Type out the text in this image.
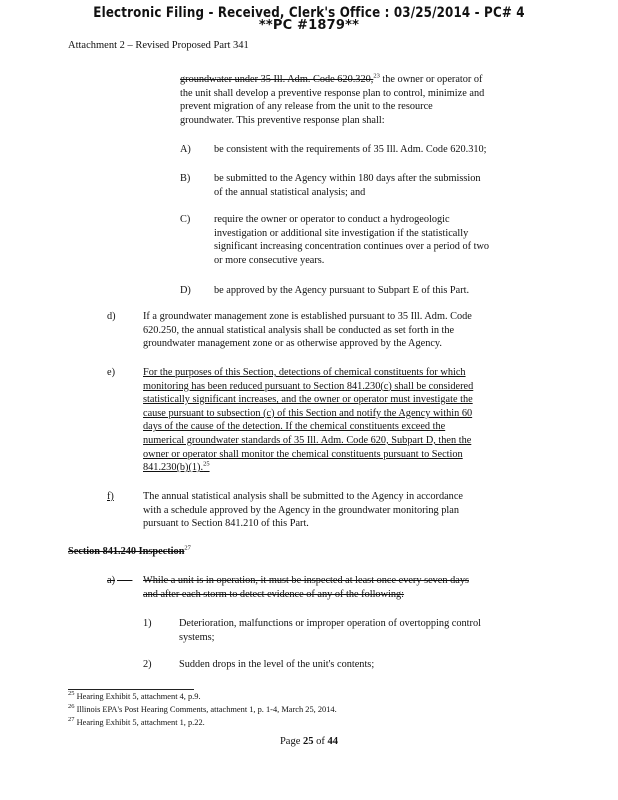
Electronic Filing - Received, Clerk's Office : 03/25/2014 - PC# 4
**PC #1879**
Attachment 2 – Revised Proposed Part 341
groundwater under 35 Ill. Adm. Code 620.320,23 the owner or operator of
the unit shall develop a preventive response plan to control, minimize and
prevent migration of any release from the unit to the resource
groundwater. This preventive response plan shall:
A) be consistent with the requirements of 35 Ill. Adm. Code 620.310;
B) be submitted to the Agency within 180 days after the submission
of the annual statistical analysis; and
C) require the owner or operator to conduct a hydrogeologic
investigation or additional site investigation if the statistically
significant increasing concentration continues over a period of two
or more consecutive years.
D) be approved by the Agency pursuant to Subpart E of this Part.
d)	If a groundwater management zone is established pursuant to 35 Ill. Adm. Code
620.250, the annual statistical analysis shall be conducted as set forth in the
groundwater management zone or as otherwise approved by the Agency.
e)	For the purposes of this Section, detections of chemical constituents for which
monitoring has been reduced pursuant to Section 841.230(c) shall be considered
statistically significant increases, and the owner or operator must investigate the
cause pursuant to subsection (c) of this Section and notify the Agency within 60
days of the cause of the detection. If the chemical constituents exceed the
numerical groundwater standards of 35 Ill. Adm. Code 620, Subpart D, then the
owner or operator shall monitor the chemical constituents pursuant to Section
841.230(b)(1).$^{25}$
f)	The annual statistical analysis shall be submitted to the Agency in accordance
with a schedule approved by the Agency in the groundwater monitoring plan
pursuant to Section 841.210 of this Part.
Section 841.240 Inspection$^{27}$
a)
	While a unit is in operation, it must be inspected at least once every seven days
and after each storm to detect evidence of any of the following:
1)	Deterioration, malfunctions or improper operation of overtopping control
systems;
2)	Sudden drops in the level of the unit's contents;
$^{25}$ Hearing Exhibit 5, attachment 4, p.9.
$^{26}$ Illinois EPA's Post Hearing Comments, attachment 1, p. 1-4, March 25, 2014.
$^{27}$ Hearing Exhibit 5, attachment 1, p.22.
Page 25 of 44
